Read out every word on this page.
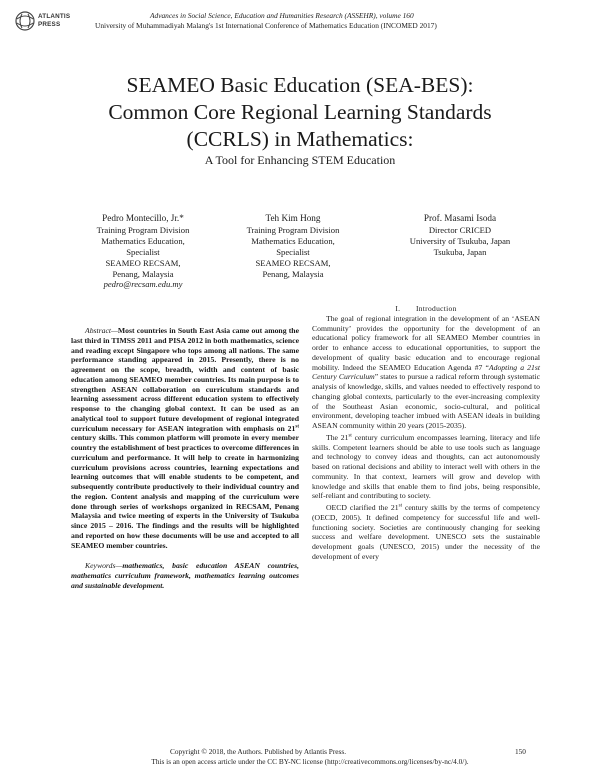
ATLANTIS
PRESS
Advances in Social Science, Education and Humanities Research (ASSEHR), volume 160
University of Muhammadiyah Malang's 1st International Conference of Mathematics Education (INCOMED 2017)
SEAMEO Basic Education (SEA-BES):
Common Core Regional Learning Standards
(CCRLS) in Mathematics:
A Tool for Enhancing STEM Education
Pedro Montecillo, Jr.*
Training Program Division
Mathematics Education,
Specialist
SEAMEO RECSAM,
Penang, Malaysia
pedro@recsam.edu.my
Teh Kim Hong
Training Program Division
Mathematics Education,
Specialist
SEAMEO RECSAM,
Penang, Malaysia
Prof. Masami Isoda
Director CRICED
University of Tsukuba, Japan
Tsukuba, Japan

Abstract—Most countries in South East Asia came out among the last third in TIMSS 2011 and PISA 2012 in both mathematics, science and reading except Singapore who tops among all nations. The same performance standing appeared in 2015. Presently, there is no agreement on the scope, breadth, width and content of basic education among SEAMEO member countries. Its main purpose is to strengthen ASEAN collaboration on curriculum standards and learning assessment across different education system to effectively response to the changing global context. It can be used as an analytical tool to support future development of regional integrated curriculum necessary for ASEAN integration with emphasis on 21st century skills. This common platform will promote in every member country the establishment of best practices to overcome differences in curriculum and performance. It will help to create in harmonizing curriculum provisions across countries, learning expectations and learning outcomes that will enable students to be competent, and subsequently contribute productively to their individual country and the region. Content analysis and mapping of the curriculum were done through series of workshops organized in RECSAM, Penang Malaysia and twice meeting of experts in the University of Tsukuba since 2015 – 2016. The findings and the results will be highlighted and reported on how these documents will be use and accepted to all SEAMEO member countries.

Keywords—mathematics, basic education ASEAN countries, mathematics curriculum framework, mathematics learning outcomes and sustainable development.

I.  Introduction

The goal of regional integration in the development of an ‘ASEAN Community’ provides the opportunity for the development of an educational policy framework for all SEAMEO Member countries in order to enhance access to educational opportunities, to support the development of quality basic education and to encourage regional mobility. Indeed the SEAMEO Education Agenda #7 “Adopting a 21st Century Curriculum” states to pursue a radical reform through systematic analysis of knowledge, skills, and values needed to effectively respond to changing global contexts, particularly to the ever-increasing complexity of the Southeast Asian economic, socio-cultural, and political environment, developing teacher imbued with ASEAN ideals in building ASEAN community within 20 years (2015-2035).

The 21st century curriculum encompasses learning, literacy and life skills. Competent learners should be able to use tools such as language and technology to convey ideas and thoughts, can act autonomously based on rational decisions and ability to interact well with others in the community. In that context, learners will grow and develop with knowledge and skills that enable them to find jobs, being responsible, self-reliant and contributing to society.

OECD clarified the 21st century skills by the terms of competency (OECD, 2005). It defined competency for successful life and well-functioning society. Societies are continuously changing for seeking success and welfare development. UNESCO sets the sustainable development goals (UNESCO, 2015) under the necessity of the development of every

Copyright © 2018, the Authors. Published by Atlantis Press.	150
This is an open access article under the CC BY-NC license (http://creativecommons.org/licenses/by-nc/4.0/).
